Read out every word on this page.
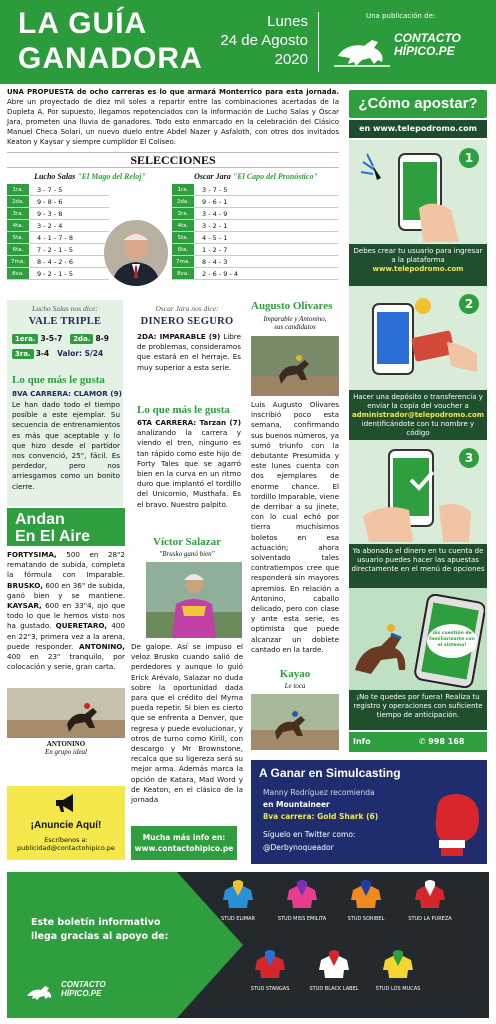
LA GUÍA
GANADORA
Lunes
24 de Agosto
2020
Una publicación de:
CONTACTO
HÍPICO.PE
UNA PROPUESTA de ocho carreras es lo que armará Monterrico para esta jornada. Abre un proyectado de diez mil soles a repartir entre las combinaciones acertadas de la Dupleta A. Por supuesto, llegamos repotenciados con la información de Lucho Salas y Óscar Jara, prometen una lluvia de ganadores. Todo esto enmarcado en la celebración del Clásico Manuel Checa Solari, un nuevo duelo entre Abdel Nazer y Asfaloth, con otros dos invitados Keaton y Kaysar y siempre cumplidor El Coliseo.
SELECCIONES
Lucho Salas "El Mago del Reloj"	Oscar Jara "El Capo del Pronóstico"
1ra.	3 - 7 - 5
2da.	9 - 8 - 6
3ra.	9 - 3 - 8
4ta.	3 - 2 - 4
5ta.	4 - 1 - 7 - 8
6ta.	7 - 2 - 1 - 5
7ma.	8 - 4 - 2 - 6
8va.	9 - 2 - 1 - 5
1ra.	3 - 7 - 5
2da.	9 - 6 - 1
3ra.	3 - 4 - 9
4ta.	3 - 2 - 1
5ta.	4 - 5 - 1
6ta.	1 - 2 - 7
7ma.	8 - 4 - 3
8va.	2 - 6 - 9 - 4
Lucho Salas nos dice:
VALE TRIPLE
1era. 3-5-7 2da. 8-9
3ra. 3-4 Valor: S/24
Lo que más le gusta
8VA CARRERA: CLAMOR (9)
Le han dado todo el tiempo posible a este ejemplar. Su secuencia de entrenamientos es más que aceptable y lo que hizo desde el partidor nos convenció, 25", fácil. Es perdedor, pero nos arriesgamos como un bonito cierre.
Oscar Jara nos dice:
DINERO SEGURO
2DA: IMPARABLE (9) Libre de problemas, consideramos que estará en el herraje. Es muy superior a esta serie.
Lo que más le gusta
6TA CARRERA: Tarzan (7) analizando la carrera y viendo el tren, ninguno es tan rápido como este hijo de Forty Tales que se agarró bien en la curva en un ritmo duro que implantó el tordillo del Unicornio, Musthafa. Es el bravo. Nuestro palpito.
Augusto Olivares
Imparable y Antonino,
sus candidatos
Luis Augusto Olivares inscribió poco esta semana, confirmando sus buenos números, ya sumó triunfo con la debutante Presumida y este lunes cuenta con dos ejemplares de enorme chance. El tordillo Imparable, viene de derribar a su jinete, con lo cual echó por tierra muchísimos boletos en esa actuación; ahora solventado tales contratiempos cree que responderá sin mayores apremios. En relación a Antonino, caballo delicado, pero con clase y ante esta serie, es optimista que puede alcanzar un doblete cantado en la tarde.
Andan
En El Aire
FORTYSIMA, 500 en 28"2 rematando de subida, completa la fórmula con Imparable. BRUSKO, 600 en 36" de subida, ganó bien y se mantiene. KAYSAR, 600 en 33"4, ojo que todo lo que le hemos visto nos ha gustado. QUERETARO, 400 en 22"3, primera vez a la arena, puede responder. ANTONINO, 400 en 23" tranquilo, por colocación y serie, gran carta.
ANTONINO
En grupo ideal
¡Anuncie Aquí!
Escríbenos a:
publicidad@contactohipico.pe
Víctor Salazar
"Brusko ganó bien"
De galope. Así se impuso el veloz Brusko cuando salió de perdedores y aunque lo guió Erick Arévalo, Salazar no duda sobre la oportunidad dada para que el crédito del Myrna pueda repetir. Si bien es cierto que se enfrenta a Denver, que regresa y puede evolucionar, y otros de turno como Kirill, con descargo y Mr Brownstone, recalca que su ligereza será su mejor arma. Además marca la opción de Katara, Mad Word y de Keaton, en el clásico de la jornada
Mucha más info en:
www.contactohipico.pe
Kayao
Le toca
¿Cómo apostar?
en www.telepodromo.com
1
Debes crear tu usuario para ingresar a la plataforma
www.telepodromo.com
2
Hacer una depósito o transferencia y enviar la copia del voucher a
administrador@telepodromo.com
identificándote con tu nombre y código
3
Ya abonado el dinero en tu cuenta de usuario puedes hacer las apuestas directamente en el menú de opciones
¡Es cuestión de familiarizarte con el sistema!
¡No te quedes por fuera! Realiza tu registro y operaciones con suficiente tiempo de anticipación.
Info	✆ 998 168
A Ganar en Simulcasting
Manny Rodríguez recomienda
en Mountaineer
8va carrera: Gold Shark (6)
Síguelo en Twitter como:
@Derbynoqueador
Este boletín informativo
llega gracias al apoyo de:
CONTACTO
HÍPICO.PE
STUD ELIMAR	STUD MISS EMILITA	STUD SORIBEL	STUD LA PUREZA
STUD STANGAS	STUD BLACK LABEL	STUD LOS MUCAS
